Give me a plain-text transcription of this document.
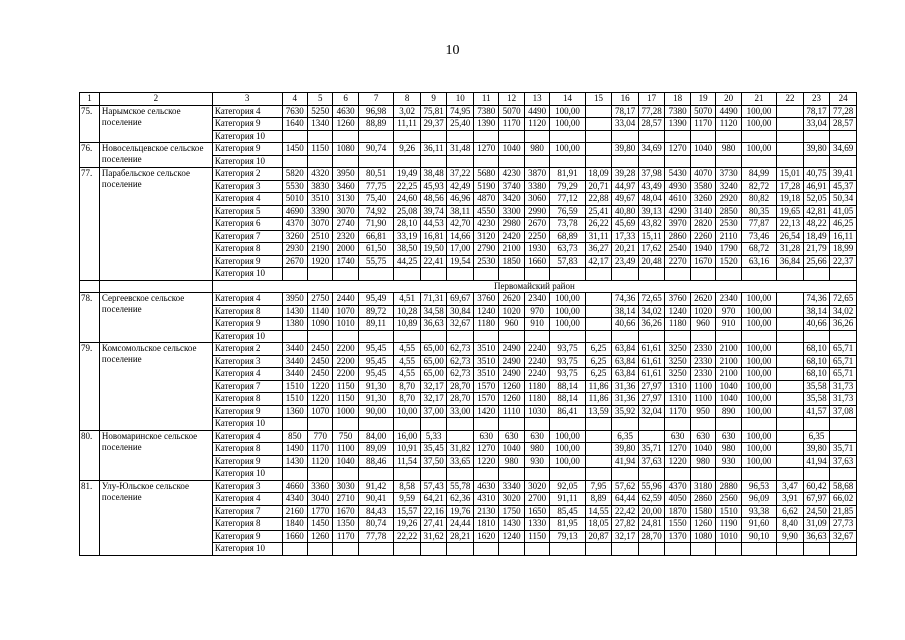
10
1	2	3	4	5	6	7	8	9	10	11	12	13	14	15	16	17	18	19	20	21	22	23	24
75.	Нарымское сельское поселение	Категория 4	7630	5250	4630	96,98	3,02	75,81	74,95	7380	5070	4490	100,00		78,17	77,28	7380	5070	4490	100,00		78,17	77,28
		Категория 9	1640	1340	1260	88,89	11,11	29,37	25,40	1390	1170	1120	100,00		33,04	28,57	1390	1170	1120	100,00		33,04	28,57
		Категория 10																					
76.	Новосельцевское сельское поселение	Категория 9	1450	1150	1080	90,74	9,26	36,11	31,48	1270	1040	980	100,00		39,80	34,69	1270	1040	980	100,00		39,80	34,69
		Категория 10																					
77.	Парабельское сельское поселение	Категория 2	5820	4320	3950	80,51	19,49	38,48	37,22	5680	4230	3870	81,91	18,09	39,28	37,98	5430	4070	3730	84,99	15,01	40,75	39,41
		Категория 3	5530	3830	3460	77,75	22,25	45,93	42,49	5190	3740	3380	79,29	20,71	44,97	43,49	4930	3580	3240	82,72	17,28	46,91	45,37
		Категория 4	5010	3510	3130	75,40	24,60	48,56	46,96	4870	3420	3060	77,12	22,88	49,67	48,04	4610	3260	2920	80,82	19,18	52,05	50,34
		Категория 5	4690	3390	3070	74,92	25,08	39,74	38,11	4550	3300	2990	76,59	25,41	40,80	39,13	4290	3140	2850	80,35	19,65	42,81	41,05
		Категория 6	4370	3070	2740	71,90	28,10	44,53	42,70	4230	2980	2670	73,78	26,22	45,69	43,82	3970	2820	2530	77,87	22,13	48,22	46,25
		Категория 7	3260	2510	2320	66,81	33,19	16,81	14,66	3120	2420	2250	68,89	31,11	17,33	15,11	2860	2260	2110	73,46	26,54	18,49	16,11
		Категория 8	2930	2190	2000	61,50	38,50	19,50	17,00	2790	2100	1930	63,73	36,27	20,21	17,62	2540	1940	1790	68,72	31,28	21,79	18,99
		Категория 9	2670	1920	1740	55,75	44,25	22,41	19,54	2530	1850	1660	57,83	42,17	23,49	20,48	2270	1670	1520	63,16	36,84	25,66	22,37
		Категория 10																					
		Первомайский район																					
78.	Сергеевское сельское поселение	Категория 4	3950	2750	2440	95,49	4,51	71,31	69,67	3760	2620	2340	100,00		74,36	72,65	3760	2620	2340	100,00		74,36	72,65
		Категория 8	1430	1140	1070	89,72	10,28	34,58	30,84	1240	1020	970	100,00		38,14	34,02	1240	1020	970	100,00		38,14	34,02
		Категория 9	1380	1090	1010	89,11	10,89	36,63	32,67	1180	960	910	100,00		40,66	36,26	1180	960	910	100,00		40,66	36,26
		Категория 10																					
79.	Комсомольское сельское поселение	Категория 2	3440	2450	2200	95,45	4,55	65,00	62,73	3510	2490	2240	93,75	6,25	63,84	61,61	3250	2330	2100	100,00		68,10	65,71
		Категория 3	3440	2450	2200	95,45	4,55	65,00	62,73	3510	2490	2240	93,75	6,25	63,84	61,61	3250	2330	2100	100,00		68,10	65,71
		Категория 4	3440	2450	2200	95,45	4,55	65,00	62,73	3510	2490	2240	93,75	6,25	63,84	61,61	3250	2330	2100	100,00		68,10	65,71
		Категория 7	1510	1220	1150	91,30	8,70	32,17	28,70	1570	1260	1180	88,14	11,86	31,36	27,97	1310	1100	1040	100,00		35,58	31,73
		Категория 8	1510	1220	1150	91,30	8,70	32,17	28,70	1570	1260	1180	88,14	11,86	31,36	27,97	1310	1100	1040	100,00		35,58	31,73
		Категория 9	1360	1070	1000	90,00	10,00	37,00	33,00	1420	1110	1030	86,41	13,59	35,92	32,04	1170	950	890	100,00		41,57	37,08
		Категория 10																					
80.	Новомаринское сельское поселение	Категория 4	850	770	750	84,00	16,00	5,33		630	630	630	100,00		6,35		630	630	630	100,00		6,35	
		Категория 8	1490	1170	1100	89,09	10,91	35,45	31,82	1270	1040	980	100,00		39,80	35,71	1270	1040	980	100,00		39,80	35,71
		Категория 9	1430	1120	1040	88,46	11,54	37,50	33,65	1220	980	930	100,00		41,94	37,63	1220	980	930	100,00		41,94	37,63
		Категория 10																					
81.	Улу-Юльское сельское поселение	Категория 3	4660	3360	3030	91,42	8,58	57,43	55,78	4630	3340	3020	92,05	7,95	57,62	55,96	4370	3180	2880	96,53	3,47	60,42	58,68
		Категория 4	4340	3040	2710	90,41	9,59	64,21	62,36	4310	3020	2700	91,11	8,89	64,44	62,59	4050	2860	2560	96,09	3,91	67,97	66,02
		Категория 7	2160	1770	1670	84,43	15,57	22,16	19,76	2130	1750	1650	85,45	14,55	22,42	20,00	1870	1580	1510	93,38	6,62	24,50	21,85
		Категория 8	1840	1450	1350	80,74	19,26	27,41	24,44	1810	1430	1330	81,95	18,05	27,82	24,81	1550	1260	1190	91,60	8,40	31,09	27,73
		Категория 9	1660	1260	1170	77,78	22,22	31,62	28,21	1620	1240	1150	79,13	20,87	32,17	28,70	1370	1080	1010	90,10	9,90	36,63	32,67
		Категория 10																					
